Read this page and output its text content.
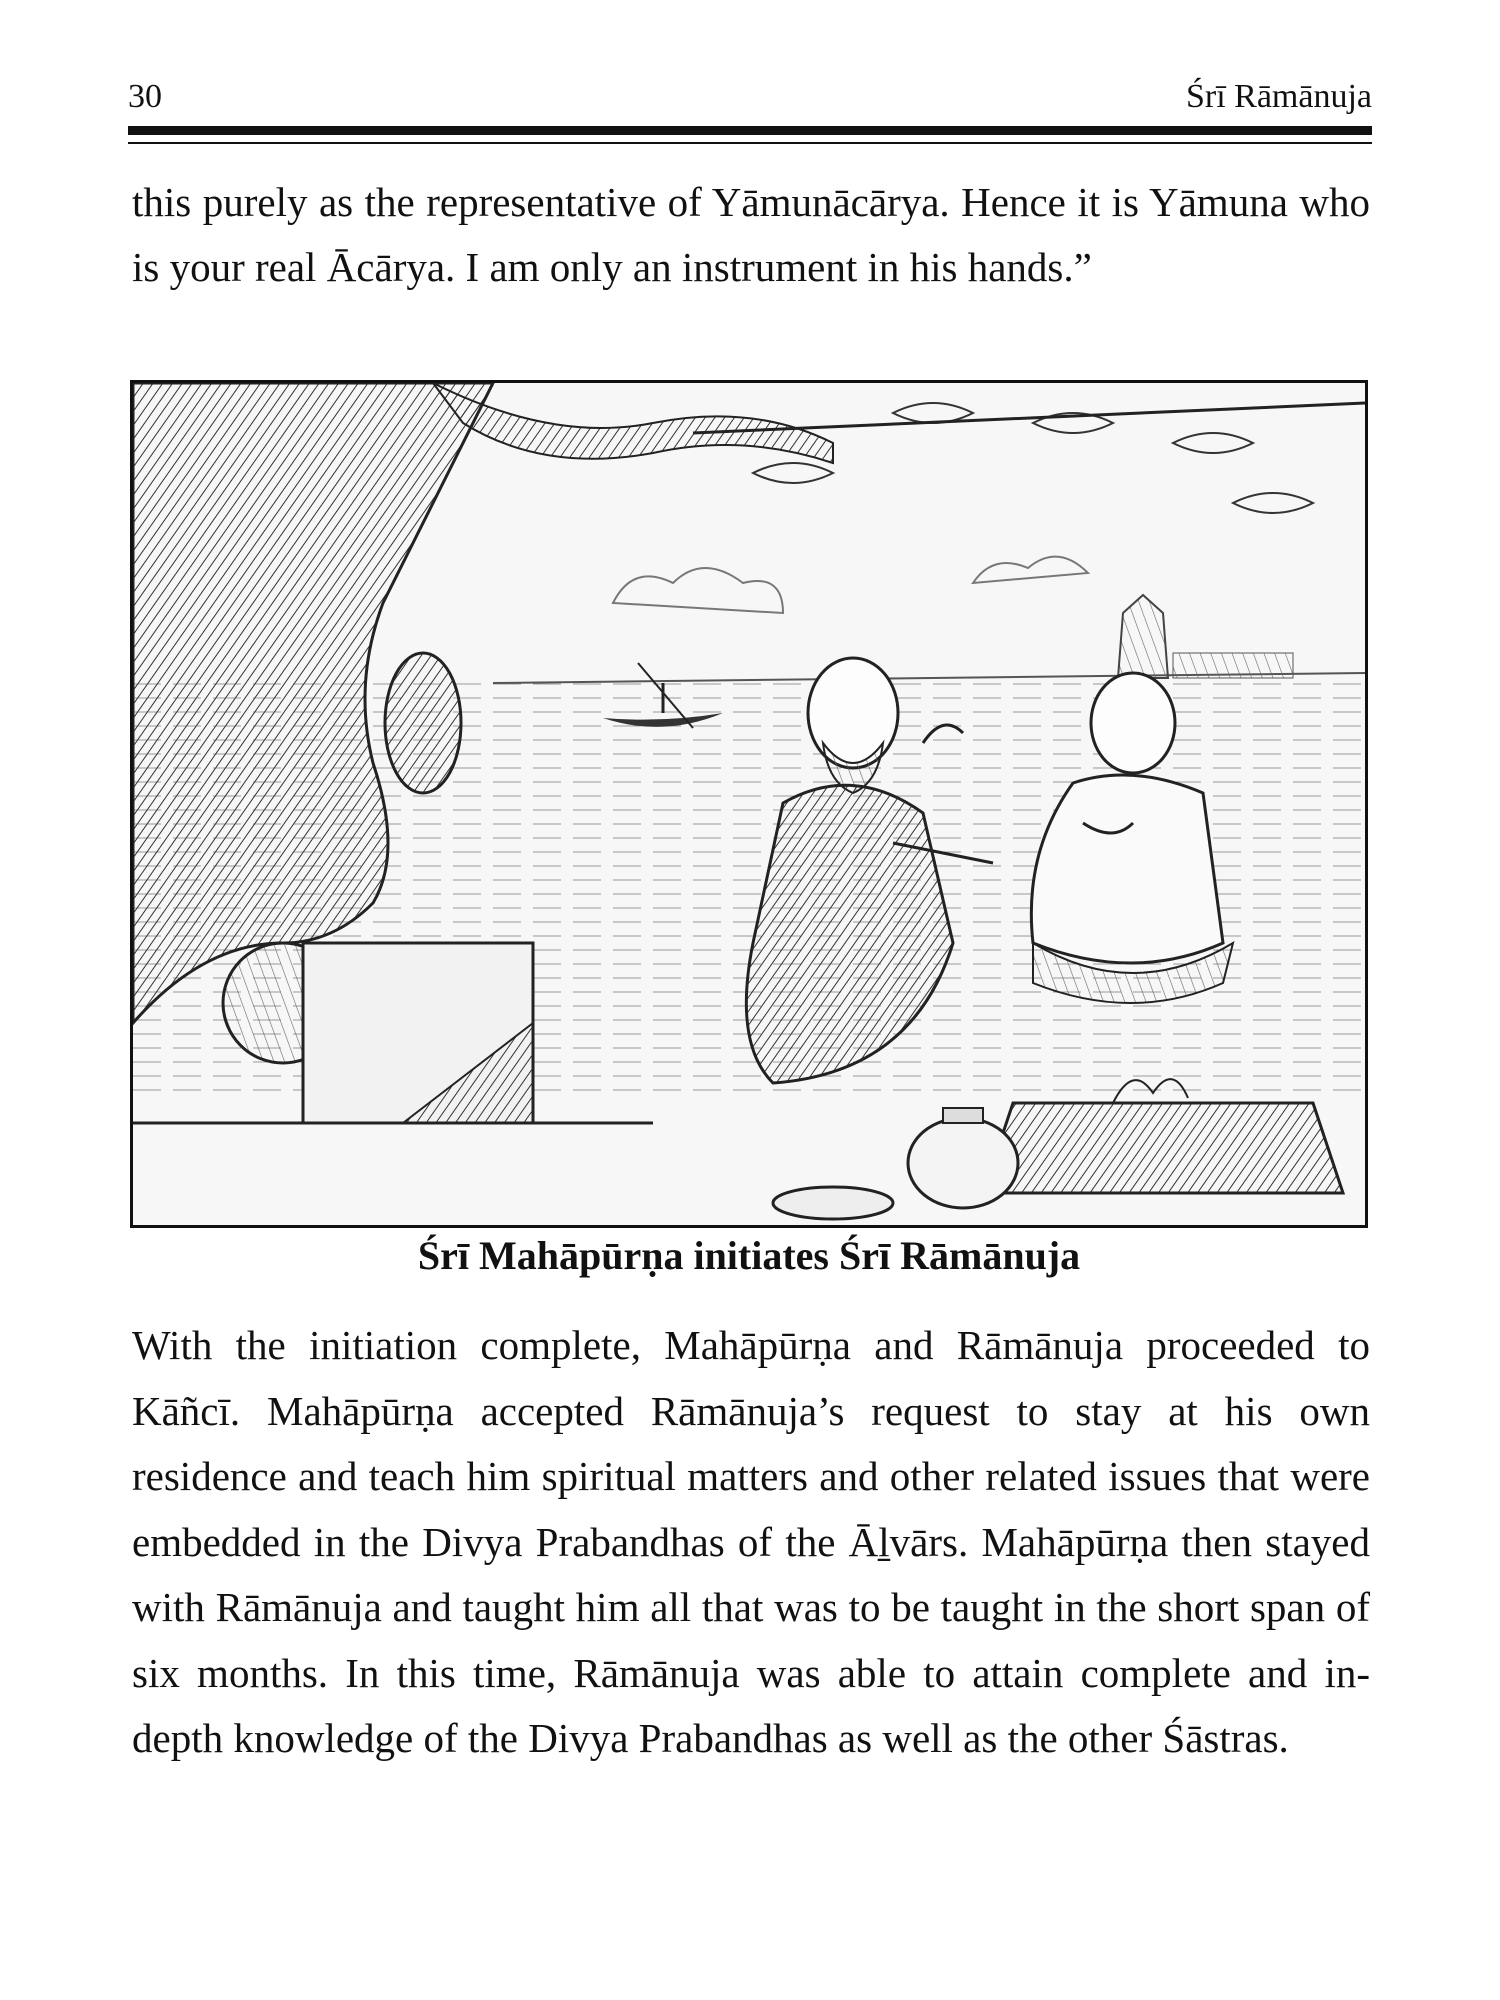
30	Śrī Rāmānuja

this purely as the representative of Yāmunācārya. Hence it is Yāmuna who is your real Ācārya. I am only an instrument in his hands.”

Śrī Mahāpūrṇa initiates Śrī Rāmānuja

With the initiation complete, Mahāpūrṇa and Rāmānuja proceeded to Kāñcī. Mahāpūrṇa accepted Rāmānuja’s request to stay at his own residence and teach him spiritual matters and other related issues that were embedded in the Divya Prabandhas of the Āḻvārs. Mahāpūrṇa then stayed with Rāmānuja and taught him all that was to be taught in the short span of six months. In this time, Rāmānuja was able to attain complete and in-depth knowledge of the Divya Prabandhas as well as the other Śāstras.
